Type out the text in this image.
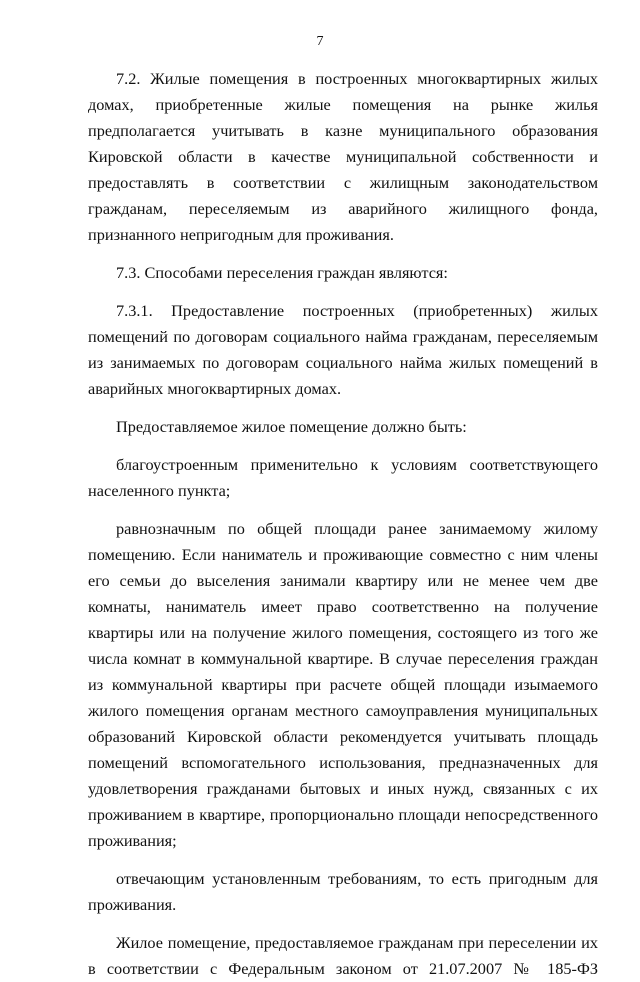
7

7.2. Жилые помещения в построенных многоквартирных жилых домах, приобретенные жилые помещения на рынке жилья предполагается учитывать в казне муниципального образования Кировской области в качестве муниципальной собственности и предоставлять в соответствии с жилищным законодательством гражданам, переселяемым из аварийного жилищного фонда, признанного непригодным для проживания.

7.3. Способами переселения граждан являются:

7.3.1. Предоставление построенных (приобретенных) жилых помещений по договорам социального найма гражданам, переселяемым из занимаемых по договорам социального найма жилых помещений в аварийных многоквартирных домах.

Предоставляемое жилое помещение должно быть:

благоустроенным применительно к условиям соответствующего населенного пункта;

равнозначным по общей площади ранее занимаемому жилому помещению. Если наниматель и проживающие совместно с ним члены его семьи до выселения занимали квартиру или не менее чем две комнаты, наниматель имеет право соответственно на получение квартиры или на получение жилого помещения, состоящего из того же числа комнат в коммунальной квартире. В случае переселения граждан из коммунальной квартиры при расчете общей площади изымаемого жилого помещения органам местного самоуправления муниципальных образований Кировской области рекомендуется учитывать площадь помещений вспомогательного использования, предназначенных для удовлетворения гражданами бытовых и иных нужд, связанных с их проживанием в квартире, пропорционально площади непосредственного проживания;

отвечающим установленным требованиям, то есть пригодным для проживания.

Жилое помещение, предоставляемое гражданам при переселении их в соответствии с Федеральным законом от 21.07.2007 № 185-ФЗ
